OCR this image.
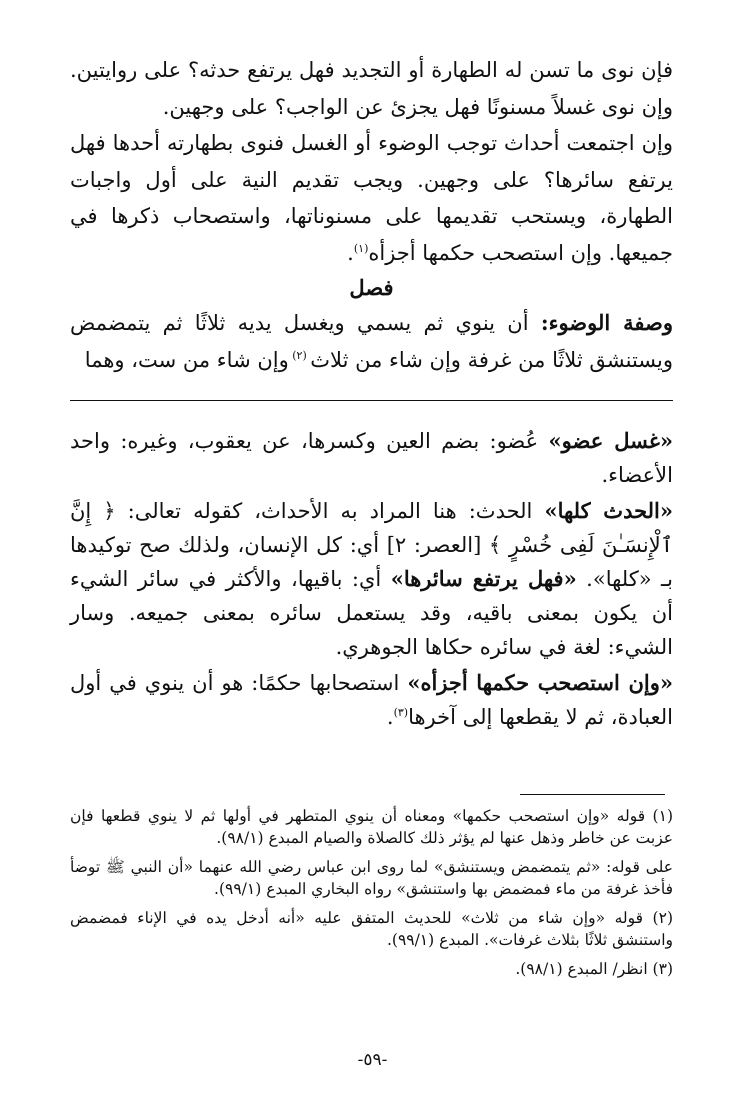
فإن نوى ما تسن له الطهارة أو التجديد فهل يرتفع حدثه؟ على روايتين. وإن نوى غسلاً مسنونًا فهل يجزئ عن الواجب؟ على وجهين.

وإن اجتمعت أحداث توجب الوضوء أو الغسل فنوى بطهارته أحدها فهل يرتفع سائرها؟ على وجهين. ويجب تقديم النية على أول واجبات الطهارة، ويستحب تقديمها على مسنوناتها، واستصحاب ذكرها في جميعها. وإن استصحب حكمها أجزأه$^{(١)}$.

فصل

وصفة الوضوء: أن ينوي ثم يسمي ويغسل يديه ثلاثًا ثم يتمضمض ويستنشق ثلاثًا من غرفة وإن شاء من ثلاث $^{(٢)}$ وإن شاء من ست، وهما

«غسل عضو» عُضو: بضم العين وكسرها، عن يعقوب، وغيره: واحد الأعضاء.

«الحدث كلها» الحدث: هنا المراد به الأحداث، كقوله تعالى: ﴿ إِنَّ ٱلْإِنسَـٰنَ لَفِى خُسْرٍ ﴾ [العصر: ٢] أي: كل الإنسان، ولذلك صح توكيدها بـ «كلها». «فهل يرتفع سائرها» أي: باقيها، والأكثر في سائر الشيء أن يكون بمعنى باقيه، وقد يستعمل سائره بمعنى جميعه. وسار الشيء: لغة في سائره حكاها الجوهري.

«وإن استصحب حكمها أجزأه» استصحابها حكمًا: هو أن ينوي في أول العبادة، ثم لا يقطعها إلى آخرها$^{(٣)}$.

(١) قوله «وإن استصحب حكمها» ومعناه أن ينوي المتطهر في أولها ثم لا ينوي قطعها فإن عزبت عن خاطر وذهل عنها لم يؤثر ذلك كالصلاة والصيام المبدع (٩٨/١).

على قوله: «ثم يتمضمض ويستنشق» لما روى ابن عباس رضي الله عنهما «أن النبي ﷺ توضأ فأخذ غرفة من ماء فمضمض بها واستنشق» رواه البخاري المبدع (٩٩/١).

(٢) قوله «وإن شاء من ثلاث» للحديث المتفق عليه «أنه أدخل يده في الإناء فمضمض واستنشق ثلاثًا بثلاث غرفات». المبدع (٩٩/١).

(٣) انظر/ المبدع (٩٨/١).

-٥٩-
